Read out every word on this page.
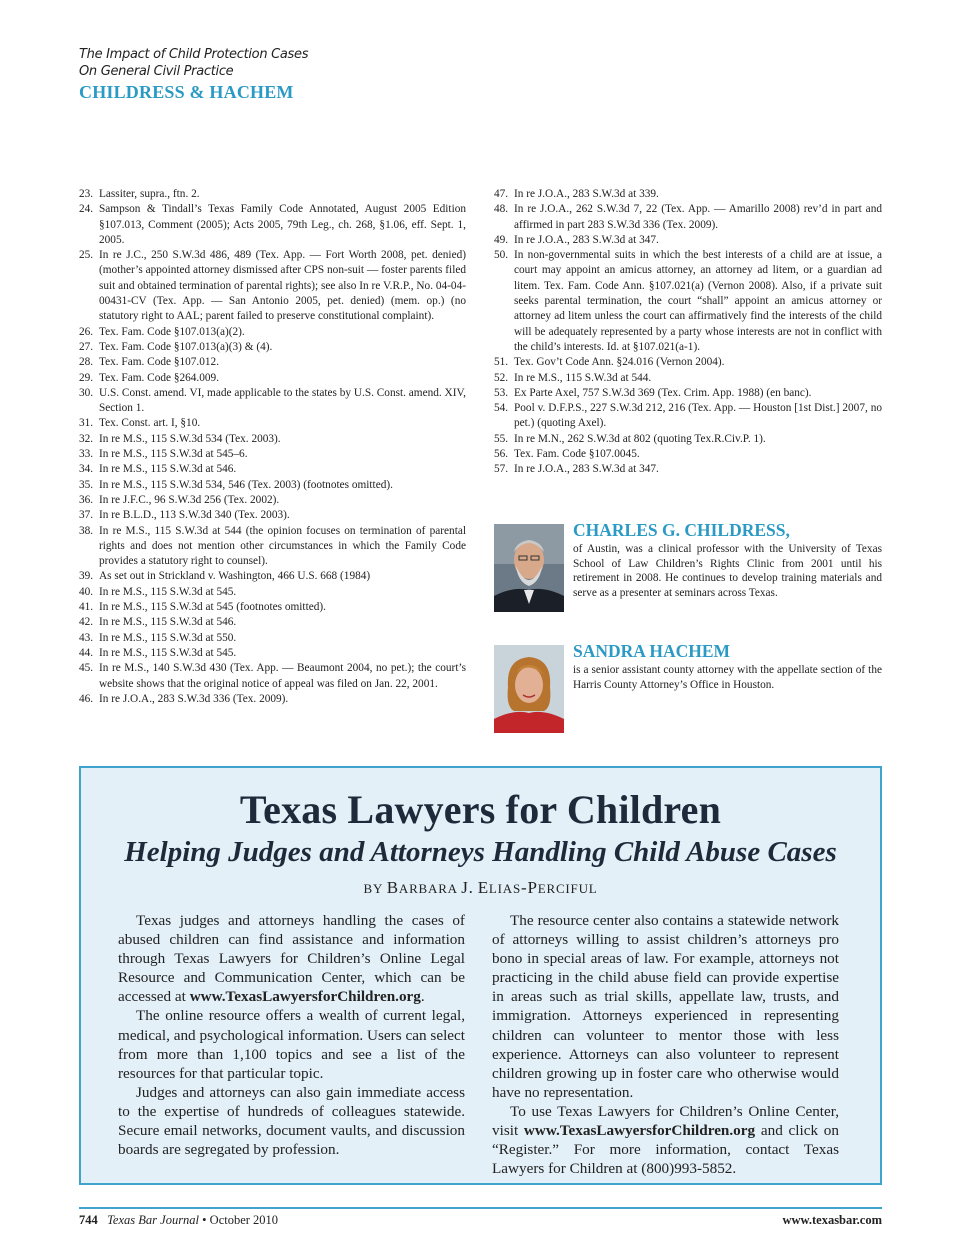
The Impact of Child Protection Cases
On General Civil Practice
CHILDRESS & HACHEM
23. Lassiter, supra., ftn. 2.
24. Sampson & Tindall’s Texas Family Code Annotated, August 2005 Edition §107.013, Comment (2005); Acts 2005, 79th Leg., ch. 268, §1.06, eff. Sept. 1, 2005.
25. In re J.C., 250 S.W.3d 486, 489 (Tex. App. — Fort Worth 2008, pet. denied) (mother’s appointed attorney dismissed after CPS non-suit — foster parents filed suit and obtained termination of parental rights); see also In re V.R.P., No. 04-04-00431-CV (Tex. App. — San Antonio 2005, pet. denied) (mem. op.) (no statutory right to AAL; parent failed to preserve constitutional complaint).
26. Tex. Fam. Code §107.013(a)(2).
27. Tex. Fam. Code §107.013(a)(3) & (4).
28. Tex. Fam. Code §107.012.
29. Tex. Fam. Code §264.009.
30. U.S. Const. amend. VI, made applicable to the states by U.S. Const. amend. XIV, Section 1.
31. Tex. Const. art. I, §10.
32. In re M.S., 115 S.W.3d 534 (Tex. 2003).
33. In re M.S., 115 S.W.3d at 545–6.
34. In re M.S., 115 S.W.3d at 546.
35. In re M.S., 115 S.W.3d 534, 546 (Tex. 2003) (footnotes omitted).
36. In re J.F.C., 96 S.W.3d 256 (Tex. 2002).
37. In re B.L.D., 113 S.W.3d 340 (Tex. 2003).
38. In re M.S., 115 S.W.3d at 544 (the opinion focuses on termination of parental rights and does not mention other circumstances in which the Family Code provides a statutory right to counsel).
39. As set out in Strickland v. Washington, 466 U.S. 668 (1984)
40. In re M.S., 115 S.W.3d at 545.
41. In re M.S., 115 S.W.3d at 545 (footnotes omitted).
42. In re M.S., 115 S.W.3d at 546.
43. In re M.S., 115 S.W.3d at 550.
44. In re M.S., 115 S.W.3d at 545.
45. In re M.S., 140 S.W.3d 430 (Tex. App. — Beaumont 2004, no pet.); the court’s website shows that the original notice of appeal was filed on Jan. 22, 2001.
46. In re J.O.A., 283 S.W.3d 336 (Tex. 2009).
47. In re J.O.A., 283 S.W.3d at 339.
48. In re J.O.A., 262 S.W.3d 7, 22 (Tex. App. — Amarillo 2008) rev’d in part and affirmed in part 283 S.W.3d 336 (Tex. 2009).
49. In re J.O.A., 283 S.W.3d at 347.
50. In non-governmental suits in which the best interests of a child are at issue, a court may appoint an amicus attorney, an attorney ad litem, or a guardian ad litem. Tex. Fam. Code Ann. §107.021(a) (Vernon 2008). Also, if a private suit seeks parental termination, the court “shall” appoint an amicus attorney or attorney ad litem unless the court can affirmatively find the interests of the child will be adequately represented by a party whose interests are not in conflict with the child’s interests. Id. at §107.021(a-1).
51. Tex. Gov’t Code Ann. §24.016 (Vernon 2004).
52. In re M.S., 115 S.W.3d at 544.
53. Ex Parte Axel, 757 S.W.3d 369 (Tex. Crim. App. 1988) (en banc).
54. Pool v. D.F.P.S., 227 S.W.3d 212, 216 (Tex. App. — Houston [1st Dist.] 2007, no pet.) (quoting Axel).
55. In re M.N., 262 S.W.3d at 802 (quoting Tex.R.Civ.P. 1).
56. Tex. Fam. Code §107.0045.
57. In re J.O.A., 283 S.W.3d at 347.
CHARLES G. CHILDRESS,
of Austin, was a clinical professor with the University of Texas School of Law Children’s Rights Clinic from 2001 until his retirement in 2008. He continues to develop training materials and serve as a presenter at seminars across Texas.
SANDRA HACHEM
is a senior assistant county attorney with the appellate section of the Harris County Attorney’s Office in Houston.
Texas Lawyers for Children
Helping Judges and Attorneys Handling Child Abuse Cases
BY BARBARA J. ELIAS-PERCIFUL

Texas judges and attorneys handling the cases of abused children can find assistance and information through Texas Lawyers for Children’s Online Legal Resource and Communication Center, which can be accessed at www.TexasLawyersforChildren.org.

The online resource offers a wealth of current legal, medical, and psychological information. Users can select from more than 1,100 topics and see a list of the resources for that particular topic.

Judges and attorneys can also gain immediate access to the expertise of hundreds of colleagues statewide. Secure email networks, document vaults, and discussion boards are segregated by profession.

The resource center also contains a statewide network of attorneys willing to assist children’s attorneys pro bono in special areas of law. For example, attorneys not practicing in the child abuse field can provide expertise in areas such as trial skills, appellate law, trusts, and immigration. Attorneys experienced in representing children can volunteer to mentor those with less experience. Attorneys can also volunteer to represent children growing up in foster care who otherwise would have no representation.

To use Texas Lawyers for Children’s Online Center, visit www.TexasLawyersforChildren.org and click on “Register.” For more information, contact Texas Lawyers for Children at (800)993-5852.

744 Texas Bar Journal • October 2010	www.texasbar.com
